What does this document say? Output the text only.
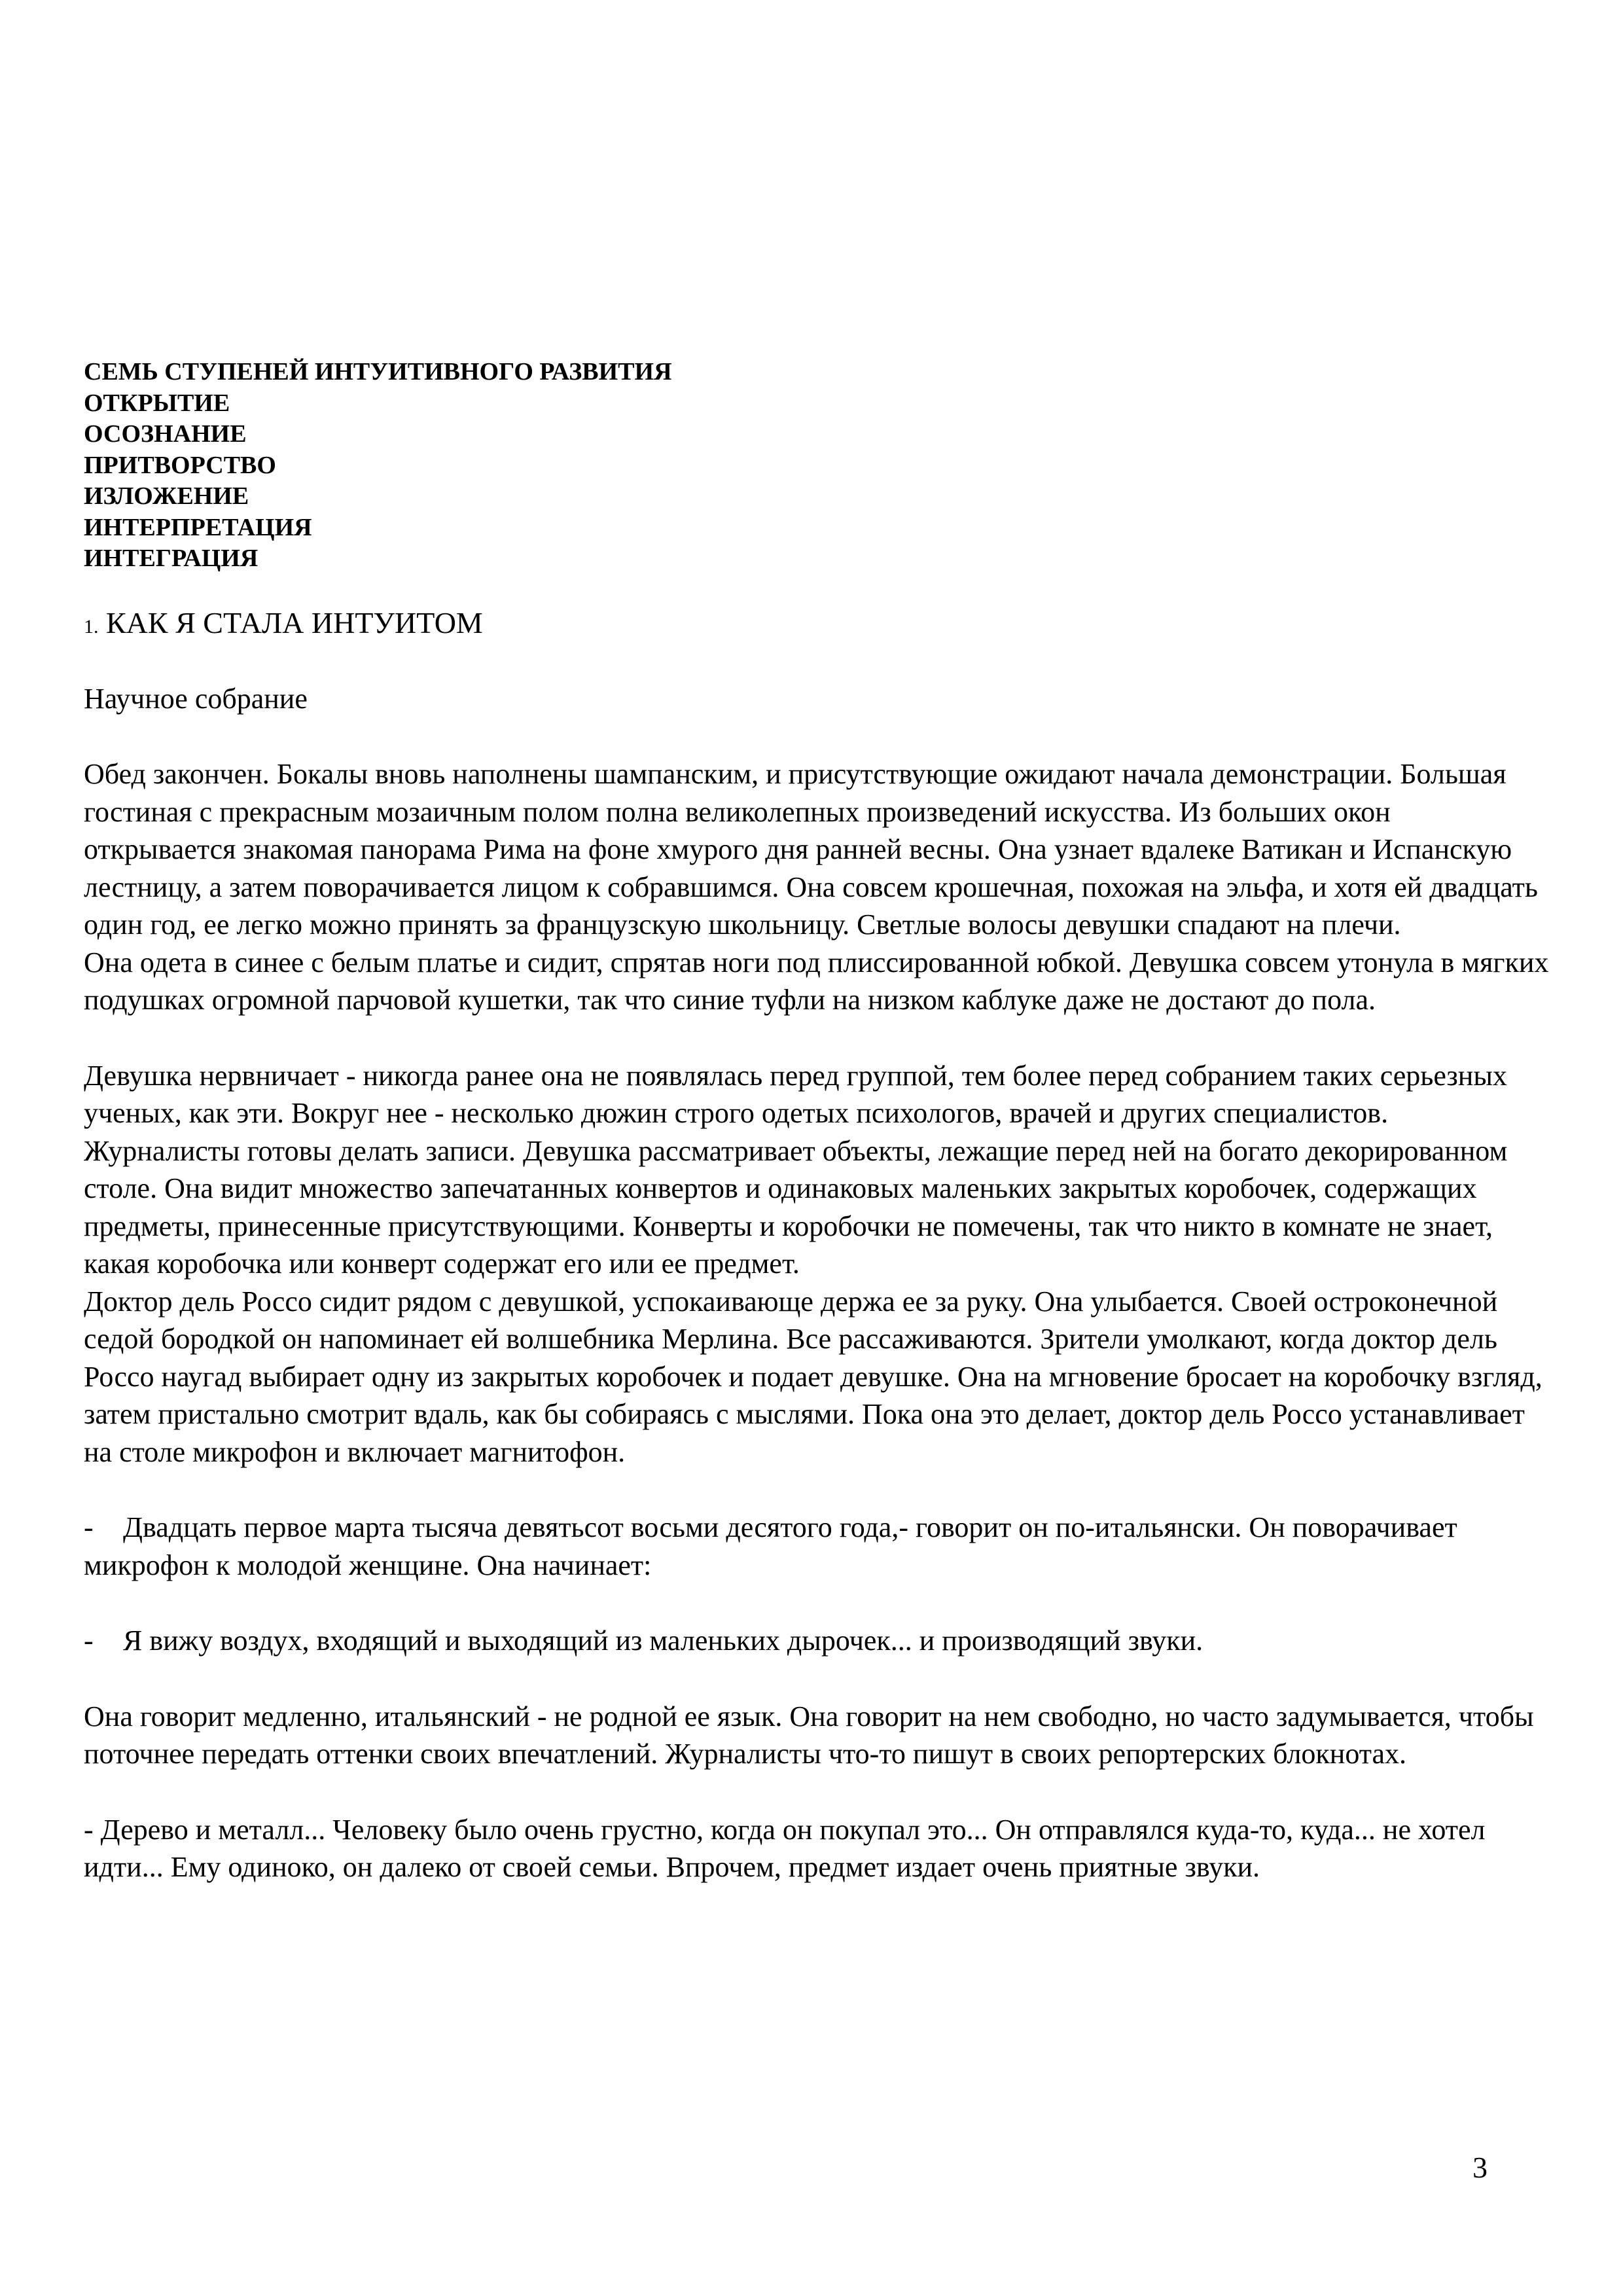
СЕМЬ СТУПЕНЕЙ ИНТУИТИВНОГО РАЗВИТИЯ
ОТКРЫТИЕ
ОСОЗНАНИЕ
ПРИТВОРСТВО
ИЗЛОЖЕНИЕ
ИНТЕРПРЕТАЦИЯ
ИНТЕГРАЦИЯ
1. КАК Я СТАЛА ИНТУИТОМ

Научное собрание

Обед закончен. Бокалы вновь наполнены шампанским, и присутствующие ожидают начала демонстрации. Большая гостиная с прекрасным мозаичным полом полна великолепных произведений искусства. Из больших окон открывается знакомая панорама Рима на фоне хмурого дня ранней весны. Она узнает вдалеке Ватикан и Испанскую лестницу, а затем поворачивается лицом к собравшимся. Она совсем крошечная, похожая на эльфа, и хотя ей двадцать один год, ее легко можно принять за французскую школьницу. Светлые волосы девушки спадают на плечи.

Она одета в синее с белым платье и сидит, спрятав ноги под плиссированной юбкой. Девушка совсем утонула в мягких подушках огромной парчовой кушетки, так что синие туфли на низком каблуке даже не достают до пола.

Девушка нервничает - никогда ранее она не появлялась перед группой, тем более перед собранием таких серьезных ученых, как эти. Вокруг нее - несколько дюжин строго одетых психологов, врачей и других специалистов. Журналисты готовы делать записи. Девушка рассматривает объекты, лежащие перед ней на богато декорированном столе. Она видит множество запечатанных конвертов и одинаковых маленьких закрытых коробочек, содержащих предметы, принесенные присутствующими. Конверты и коробочки не помечены, так что никто в комнате не знает, какая коробочка или конверт содержат его или ее предмет.

Доктор дель Россо сидит рядом с девушкой, успокаивающе держа ее за руку. Она улыбается. Своей остроконечной седой бородкой он напоминает ей волшебника Мерлина. Все рассаживаются. Зрители умолкают, когда доктор дель Россо наугад выбирает одну из закрытых коробочек и подает девушке. Она на мгновение бросает на коробочку взгляд, затем пристально смотрит вдаль, как бы собираясь с мыслями. Пока она это делает, доктор дель Россо устанавливает на столе микрофон и включает магнитофон.

- Двадцать первое марта тысяча девятьсот восьми десятого года,- говорит он по-итальянски. Он поворачивает микрофон к молодой женщине. Она начинает:

- Я вижу воздух, входящий и выходящий из маленьких дырочек... и производящий звуки.

Она говорит медленно, итальянский - не родной ее язык. Она говорит на нем свободно, но часто задумывается, чтобы поточнее передать оттенки своих впечатлений. Журналисты что-то пишут в своих репортерских блокнотах.

- Дерево и металл... Человеку было очень грустно, когда он покупал это... Он отправлялся куда-то, куда... не хотел идти... Ему одиноко, он далеко от своей семьи. Впрочем, предмет издает очень приятные звуки.

3
